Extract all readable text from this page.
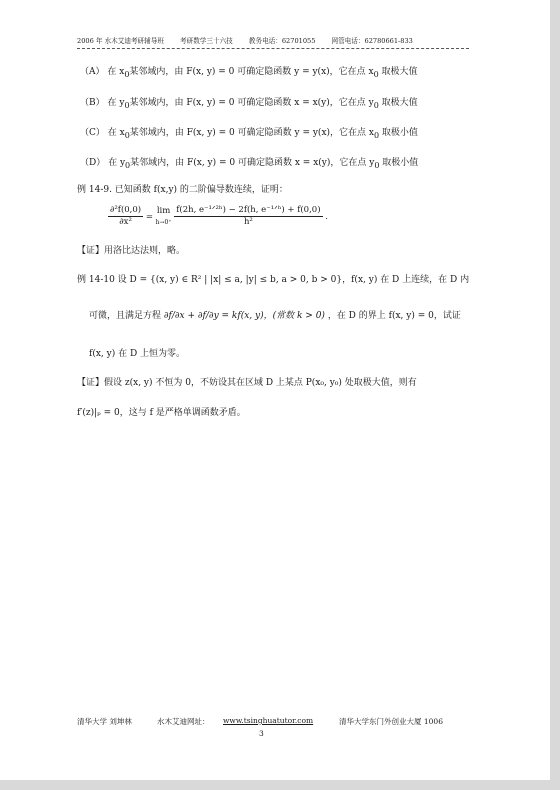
2006 年 水木艾迪考研辅导班 考研数学三十六技 教务电话：62701055 网管电话：62780661-833
（A） 在 $x_0$某邻域内，由 F(x, y) = 0 可确定隐函数 y = y(x)，它在点 $x_0$ 取极大值
（B） 在 $y_0$某邻域内，由 F(x, y) = 0 可确定隐函数 x = x(y)，它在点 $y_0$ 取极大值
（C） 在 $x_0$某邻域内，由 F(x, y) = 0 可确定隐函数 y = y(x)，它在点 $x_0$ 取极小值
（D） 在 $y_0$某邻域内，由 F(x, y) = 0 可确定隐函数 x = x(y)，它在点 $y_0$ 取极小值
例 14-9. 已知函数 f(x,y) 的二阶偏导数连续，证明：
$\frac{\text{∂²f(0,0)}}{\text{∂x²}}$ =
lim
h→0⁺
$\frac{\text{f(2h, e⁻¹ᐟ²ʰ) − 2f(h, e⁻¹ᐟʰ) + f(0,0)}}{\text{h²}}$ .
【证】用洛比达法则，略。
例 14-10 设 D = {(x, y) ∈ R² | |x| ≤ a, |y| ≤ b, a > 0, b > 0}，f(x, y) 在 D 上连续，在 D 内
可微，且满足方程 ∂f/∂x + ∂f/∂y = kf(x, y)，(常数 k > 0) ，在 D 的界上 f(x, y) = 0，试证
f(x, y) 在 D 上恒为零。
【证】假设 z(x, y) 不恒为 0，不妨设其在区域 D 上某点 P(x₀, y₀) 处取极大值，则有
f′(z)|ₚ = 0，这与 f 是严格单调函数矛盾。
清华大学 刘坤林	水木艾迪网址： www.tsinghuatutor.com	清华大学东门外创业大厦 1006
3
